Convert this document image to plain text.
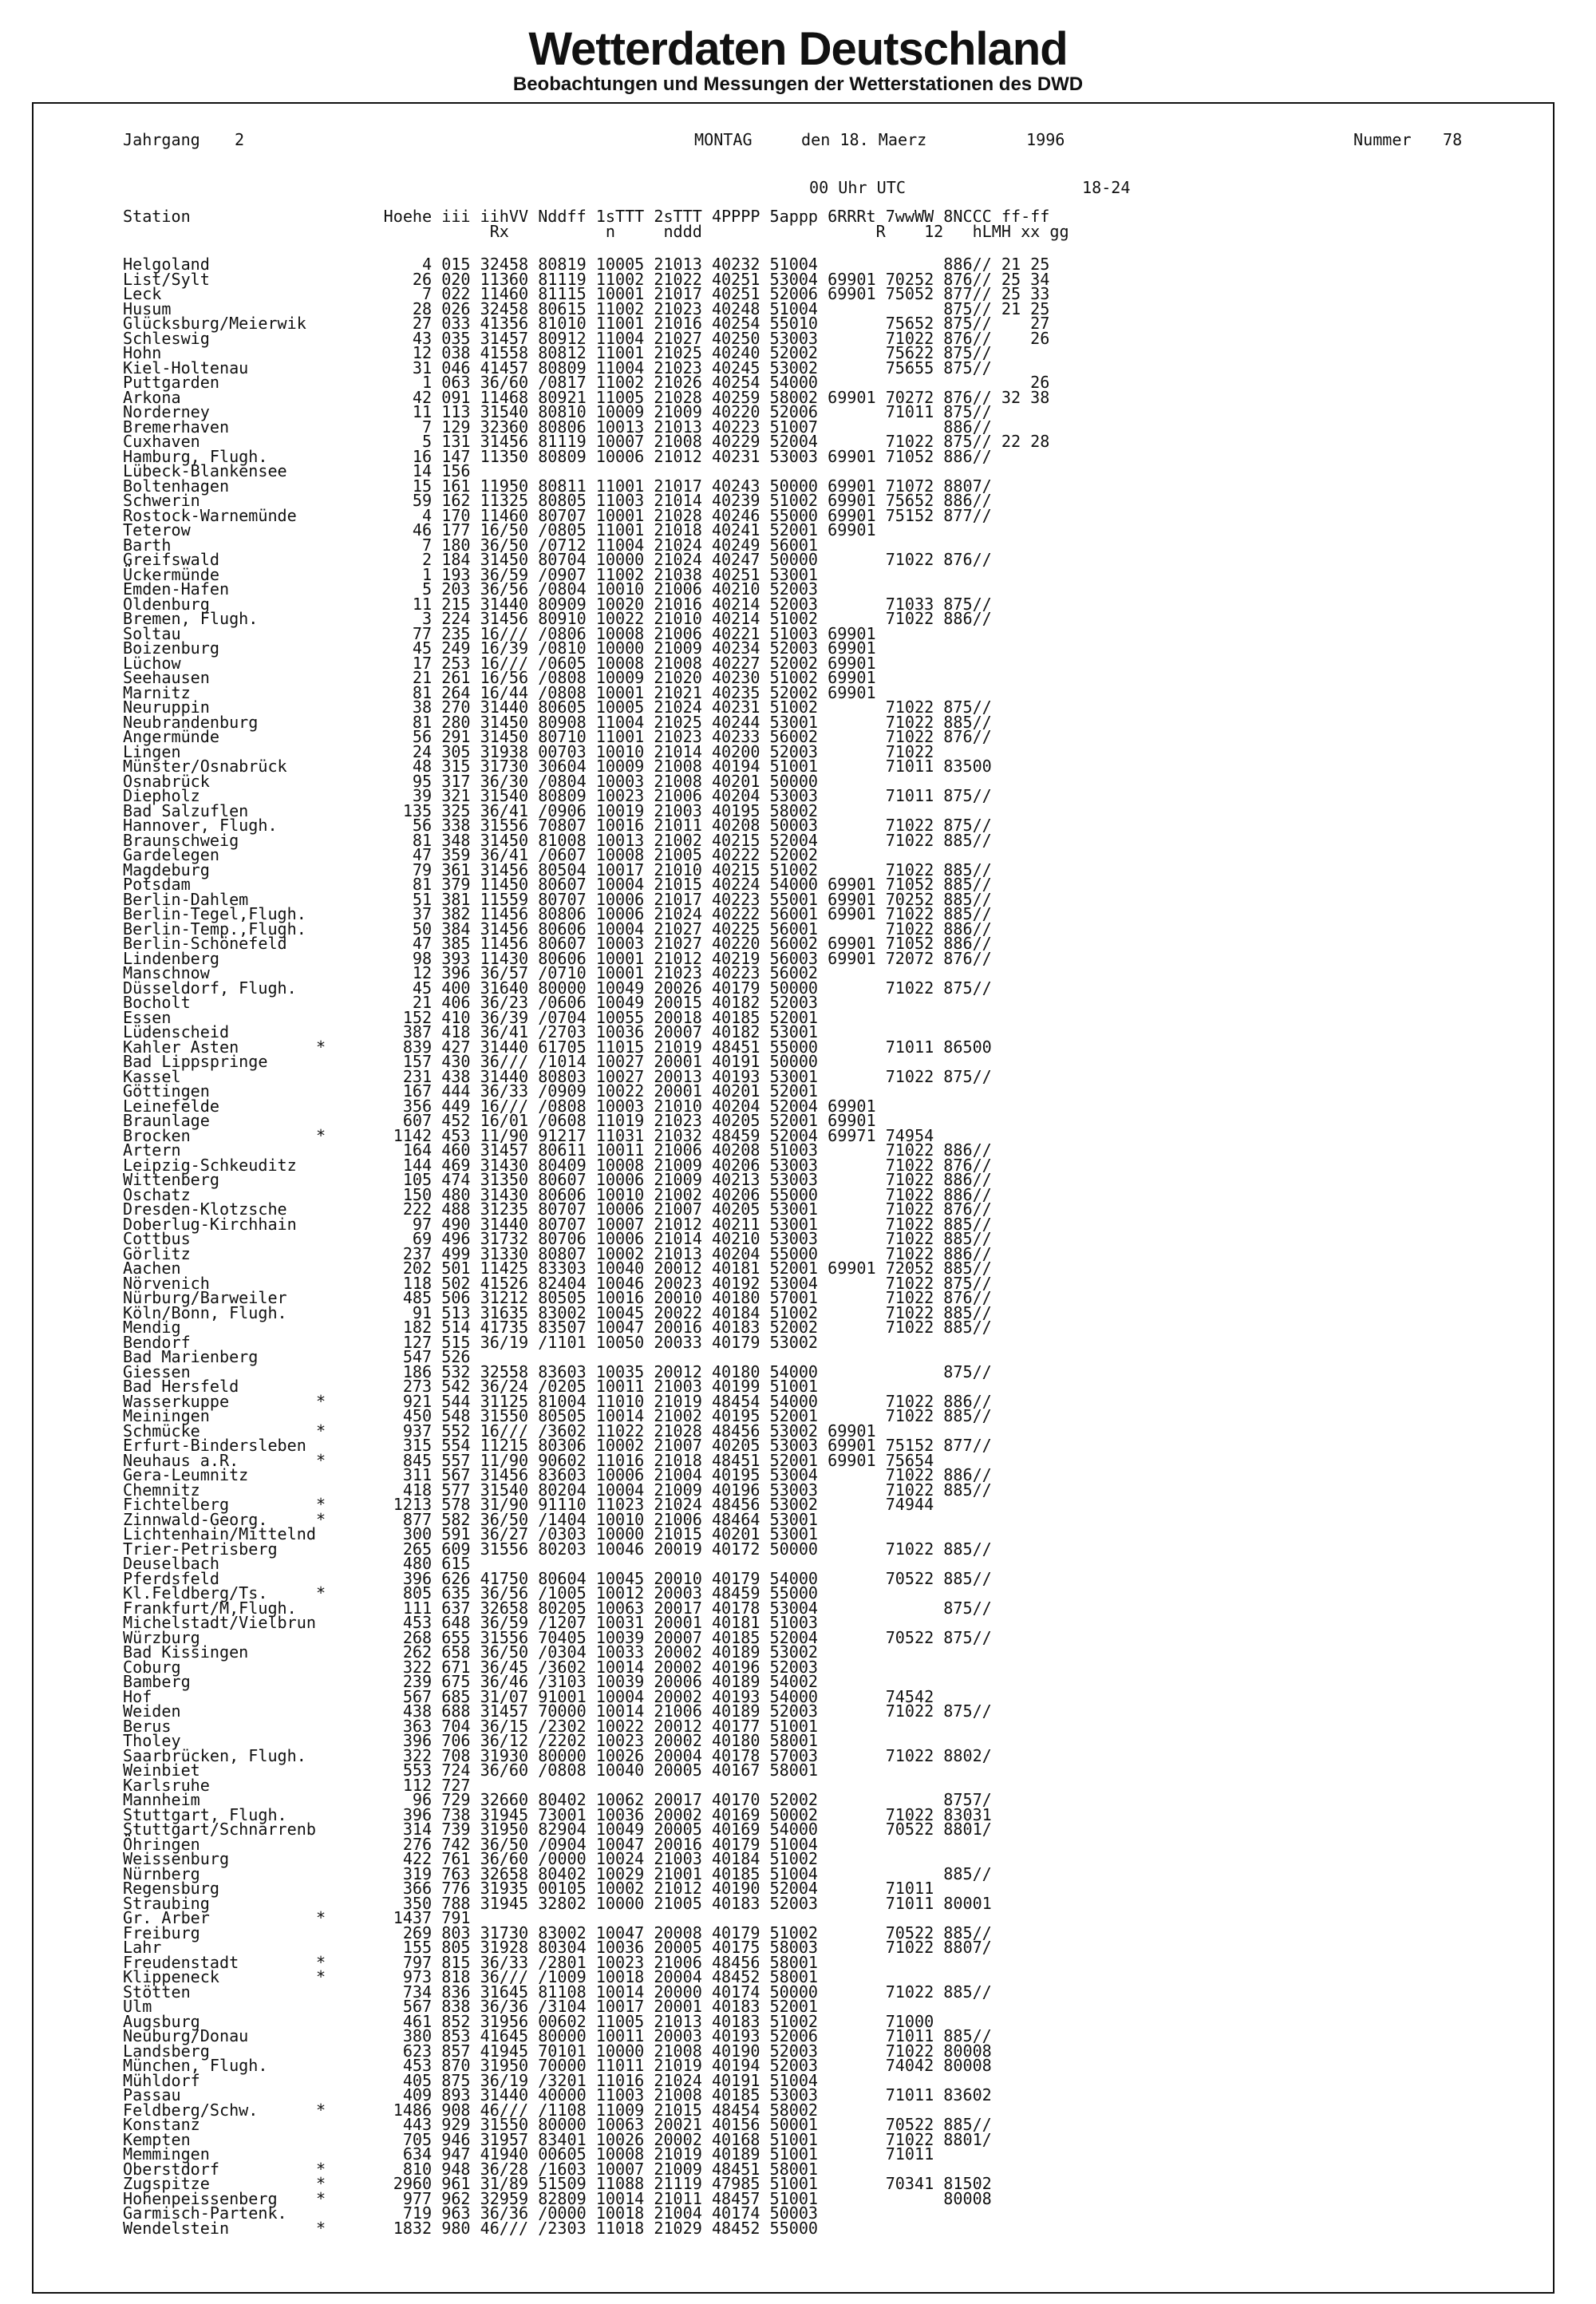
Wetterdaten Deutschland
Beobachtungen und Messungen der Wetterstationen des DWD
Jahrgang 2	MONTAG	den 18. Maerz	1996	Nummer 78
00 Uhr UTC	18-24
Station                    Hoehe iii iihVV Nddff 1sTTT 2sTTT 4PPPP 5appp 6RRRt 7wwWW 8NCCC ff-ff
Rx          n     nddd                  R    12   hLMH xx gg
Helgoland                      4 015 32458 80819 10005 21013 40232 51004             886// 21 25
List/Sylt                     26 020 11360 81119 11002 21022 40251 53004 69901 70252 876// 25 34
Leck                           7 022 11460 81115 10001 21017 40251 52006 69901 75052 877// 25 33
Husum                         28 026 32458 80615 11002 21023 40248 51004             875// 21 25
Glücksburg/Meierwik           27 033 41356 81010 11001 21016 40254 55010       75652 875//    27
Schleswig                     43 035 31457 80912 11004 21027 40250 53003       71022 876//    26
Hohn                          12 038 41558 80812 11001 21025 40240 52002       75622 875//
Kiel-Holtenau                 31 046 41457 80809 11004 21023 40245 53002       75655 875//
Puttgarden                     1 063 36/60 /0817 11002 21026 40254 54000                      26
Arkona                        42 091 11468 80921 11005 21028 40259 58002 69901 70272 876// 32 38
Norderney                     11 113 31540 80810 10009 21009 40220 52006       71011 875//
Bremerhaven                    7 129 32360 80806 10013 21013 40223 51007             886//
Cuxhaven                       5 131 31456 81119 10007 21008 40229 52004       71022 875// 22 28
Hamburg, Flugh.               16 147 11350 80809 10006 21012 40231 53003 69901 71052 886//
Lübeck-Blankensee             14 156
Boltenhagen                   15 161 11950 80811 11001 21017 40243 50000 69901 71072 8807/
Schwerin                      59 162 11325 80805 11003 21014 40239 51002 69901 75652 886//
Rostock-Warnemünde             4 170 11460 80707 10001 21028 40246 55000 69901 75152 877//
Teterow                       46 177 16/50 /0805 11001 21018 40241 52001 69901
Barth                          7 180 36/50 /0712 11004 21024 40249 56001
Greifswald                     2 184 31450 80704 10000 21024 40247 50000       71022 876//
Ückermünde                     1 193 36/59 /0907 11002 21038 40251 53001
Emden-Hafen                    5 203 36/56 /0804 10010 21006 40210 52003
Oldenburg                     11 215 31440 80909 10020 21016 40214 52003       71033 875//
Bremen, Flugh.                 3 224 31456 80910 10022 21010 40214 51002       71022 886//
Soltau                        77 235 16/// /0806 10008 21006 40221 51003 69901
Boizenburg                    45 249 16/39 /0810 10000 21009 40234 52003 69901
Lüchow                        17 253 16/// /0605 10008 21008 40227 52002 69901
Seehausen                     21 261 16/56 /0808 10009 21020 40230 51002 69901
Marnitz                       81 264 16/44 /0808 10001 21021 40235 52002 69901
Neuruppin                     38 270 31440 80605 10005 21024 40231 51002       71022 875//
Neubrandenburg                81 280 31450 80908 11004 21025 40244 53001       71022 885//
Angermünde                    56 291 31450 80710 11001 21023 40233 56002       71022 876//
Lingen                        24 305 31938 00703 10010 21014 40200 52003       71022
Münster/Osnabrück             48 315 31730 30604 10009 21008 40194 51001       71011 83500
Osnabrück                     95 317 36/30 /0804 10003 21008 40201 50000
Diepholz                      39 321 31540 80809 10023 21006 40204 53003       71011 875//
Bad Salzuflen                135 325 36/41 /0906 10019 21003 40195 58002
Hannover, Flugh.              56 338 31556 70807 10016 21011 40208 50003       71022 875//
Braunschweig                  81 348 31450 81008 10013 21002 40215 52004       71022 885//
Gardelegen                    47 359 36/41 /0607 10008 21005 40222 52002
Magdeburg                     79 361 31456 80504 10017 21010 40215 51002       71022 885//
Potsdam                       81 379 11450 80607 10004 21015 40224 54000 69901 71052 885//
Berlin-Dahlem                 51 381 11559 80707 10006 21017 40223 55001 69901 70252 885//
Berlin-Tegel,Flugh.           37 382 11456 80806 10006 21024 40222 56001 69901 71022 885//
Berlin-Temp.,Flugh.           50 384 31456 80606 10004 21027 40225 56001       71022 886//
Berlin-Schönefeld             47 385 11456 80607 10003 21027 40220 56002 69901 71052 886//
Lindenberg                    98 393 11430 80606 10001 21012 40219 56003 69901 72072 876//
Manschnow                     12 396 36/57 /0710 10001 21023 40223 56002
Düsseldorf, Flugh.            45 400 31640 80000 10049 20026 40179 50000       71022 875//
Bocholt                       21 406 36/23 /0606 10049 20015 40182 52003
Essen                        152 410 36/39 /0704 10055 20018 40185 52001
Lüdenscheid                  387 418 36/41 /2703 10036 20007 40182 53001
Kahler Asten        *        839 427 31440 61705 11015 21019 48451 55000       71011 86500
Bad Lippspringe              157 430 36/// /1014 10027 20001 40191 50000
Kassel                       231 438 31440 80803 10027 20013 40193 53001       71022 875//
Göttingen                    167 444 36/33 /0909 10022 20001 40201 52001
Leinefelde                   356 449 16/// /0808 10003 21010 40204 52004 69901
Braunlage                    607 452 16/01 /0608 11019 21023 40205 52001 69901
Brocken             *       1142 453 11/90 91217 11031 21032 48459 52004 69971 74954
Artern                       164 460 31457 80611 10011 21006 40208 51003       71022 886//
Leipzig-Schkeuditz           144 469 31430 80409 10008 21009 40206 53003       71022 876//
Wittenberg                   105 474 31350 80607 10006 21009 40213 53003       71022 886//
Oschatz                      150 480 31430 80606 10010 21002 40206 55000       71022 886//
Dresden-Klotzsche            222 488 31235 80707 10006 21007 40205 53001       71022 876//
Doberlug-Kirchhain            97 490 31440 80707 10007 21012 40211 53001       71022 885//
Cottbus                       69 496 31732 80706 10006 21014 40210 53003       71022 885//
Görlitz                      237 499 31330 80807 10002 21013 40204 55000       71022 886//
Aachen                       202 501 11425 83303 10040 20012 40181 52001 69901 72052 885//
Nörvenich                    118 502 41526 82404 10046 20023 40192 53004       71022 875//
Nürburg/Barweiler            485 506 31212 80505 10016 20010 40180 57001       71022 876//
Köln/Bonn, Flugh.             91 513 31635 83002 10045 20022 40184 51002       71022 885//
Mendig                       182 514 41735 83507 10047 20016 40183 52002       71022 885//
Bendorf                      127 515 36/19 /1101 10050 20033 40179 53002
Bad Marienberg               547 526
Giessen                      186 532 32558 83603 10035 20012 40180 54000             875//
Bad Hersfeld                 273 542 36/24 /0205 10011 21003 40199 51001
Wasserkuppe         *        921 544 31125 81004 11010 21019 48454 54000       71022 886//
Meiningen                    450 548 31550 80505 10014 21002 40195 52001       71022 885//
Schmücke            *        937 552 16/// /3602 11022 21028 48456 53002 69901
Erfurt-Bindersleben          315 554 11215 80306 10002 21007 40205 53003 69901 75152 877//
Neuhaus a.R.        *        845 557 11/90 90602 11016 21018 48451 52001 69901 75654
Gera-Leumnitz                311 567 31456 83603 10006 21004 40195 53004       71022 886//
Chemnitz                     418 577 31540 80204 10004 21009 40196 53003       71022 885//
Fichtelberg         *       1213 578 31/90 91110 11023 21024 48456 53002       74944
Zinnwald-Georg.     *        877 582 36/50 /1404 10010 21006 48464 53001
Lichtenhain/Mittelnd         300 591 36/27 /0303 10000 21015 40201 53001
Trier-Petrisberg             265 609 31556 80203 10046 20019 40172 50000       71022 885//
Deuselbach                   480 615
Pferdsfeld                   396 626 41750 80604 10045 20010 40179 54000       70522 885//
Kl.Feldberg/Ts.     *        805 635 36/56 /1005 10012 20003 48459 55000
Frankfurt/M,Flugh.           111 637 32658 80205 10063 20017 40178 53004             875//
Michelstadt/Vielbrun         453 648 36/59 /1207 10031 20001 40181 51003
Würzburg                     268 655 31556 70405 10039 20007 40185 52004       70522 875//
Bad Kissingen                262 658 36/50 /0304 10033 20002 40189 53002
Coburg                       322 671 36/45 /3602 10014 20002 40196 52003
Bamberg                      239 675 36/46 /3103 10039 20006 40189 54002
Hof                          567 685 31/07 91001 10004 20002 40193 54000       74542
Weiden                       438 688 31457 70000 10014 21006 40189 52003       71022 875//
Berus                        363 704 36/15 /2302 10022 20012 40177 51001
Tholey                       396 706 36/12 /2202 10023 20002 40180 58001
Saarbrücken, Flugh.          322 708 31930 80000 10026 20004 40178 57003       71022 8802/
Weinbiet                     553 724 36/60 /0808 10040 20005 40167 58001
Karlsruhe                    112 727
Mannheim                      96 729 32660 80402 10062 20017 40170 52002             8757/
Stuttgart, Flugh.            396 738 31945 73001 10036 20002 40169 50002       71022 83031
Stuttgart/Schnarrenb         314 739 31950 82904 10049 20005 40169 54000       70522 8801/
Öhringen                     276 742 36/50 /0904 10047 20016 40179 51004
Weissenburg                  422 761 36/60 /0000 10024 21003 40184 51002
Nürnberg                     319 763 32658 80402 10029 21001 40185 51004             885//
Regensburg                   366 776 31935 00105 10002 21012 40190 52004       71011
Straubing                    350 788 31945 32802 10000 21005 40183 52003       71011 80001
Gr. Arber           *       1437 791
Freiburg                     269 803 31730 83002 10047 20008 40179 51002       70522 885//
Lahr                         155 805 31928 80304 10036 20005 40175 58003       71022 8807/
Freudenstadt        *        797 815 36/33 /2801 10023 21006 48456 58001
Klippeneck          *        973 818 36/// /1009 10018 20004 48452 58001
Stötten                      734 836 31645 81108 10014 20000 40174 50000       71022 885//
Ulm                          567 838 36/36 /3104 10017 20001 40183 52001
Augsburg                     461 852 31956 00602 11005 21013 40183 51002       71000
Neuburg/Donau                380 853 41645 80000 10011 20003 40193 52006       71011 885//
Landsberg                    623 857 41945 70101 10000 21008 40190 52003       71022 80008
München, Flugh.              453 870 31950 70000 11011 21019 40194 52003       74042 80008
Mühldorf                     405 875 36/19 /3201 11016 21024 40191 51004
Passau                       409 893 31440 40000 11003 21008 40185 53003       71011 83602
Feldberg/Schw.      *       1486 908 46/// /1108 11009 21015 48454 58002
Konstanz                     443 929 31550 80000 10063 20021 40156 50001       70522 885//
Kempten                      705 946 31957 83401 10026 20002 40168 51001       71022 8801/
Memmingen                    634 947 41940 00605 10008 21019 40189 51001       71011
Oberstdorf          *        810 948 36/28 /1603 10007 21009 48451 58001
Zugspitze           *       2960 961 31/89 51509 11088 21119 47985 51001       70341 81502
Hohenpeissenberg    *        977 962 32959 82809 10014 21011 48457 51001             80008
Garmisch-Partenk.            719 963 36/36 /0000 10018 21004 40174 50003
Wendelstein         *       1832 980 46/// /2303 11018 21029 48452 55000
